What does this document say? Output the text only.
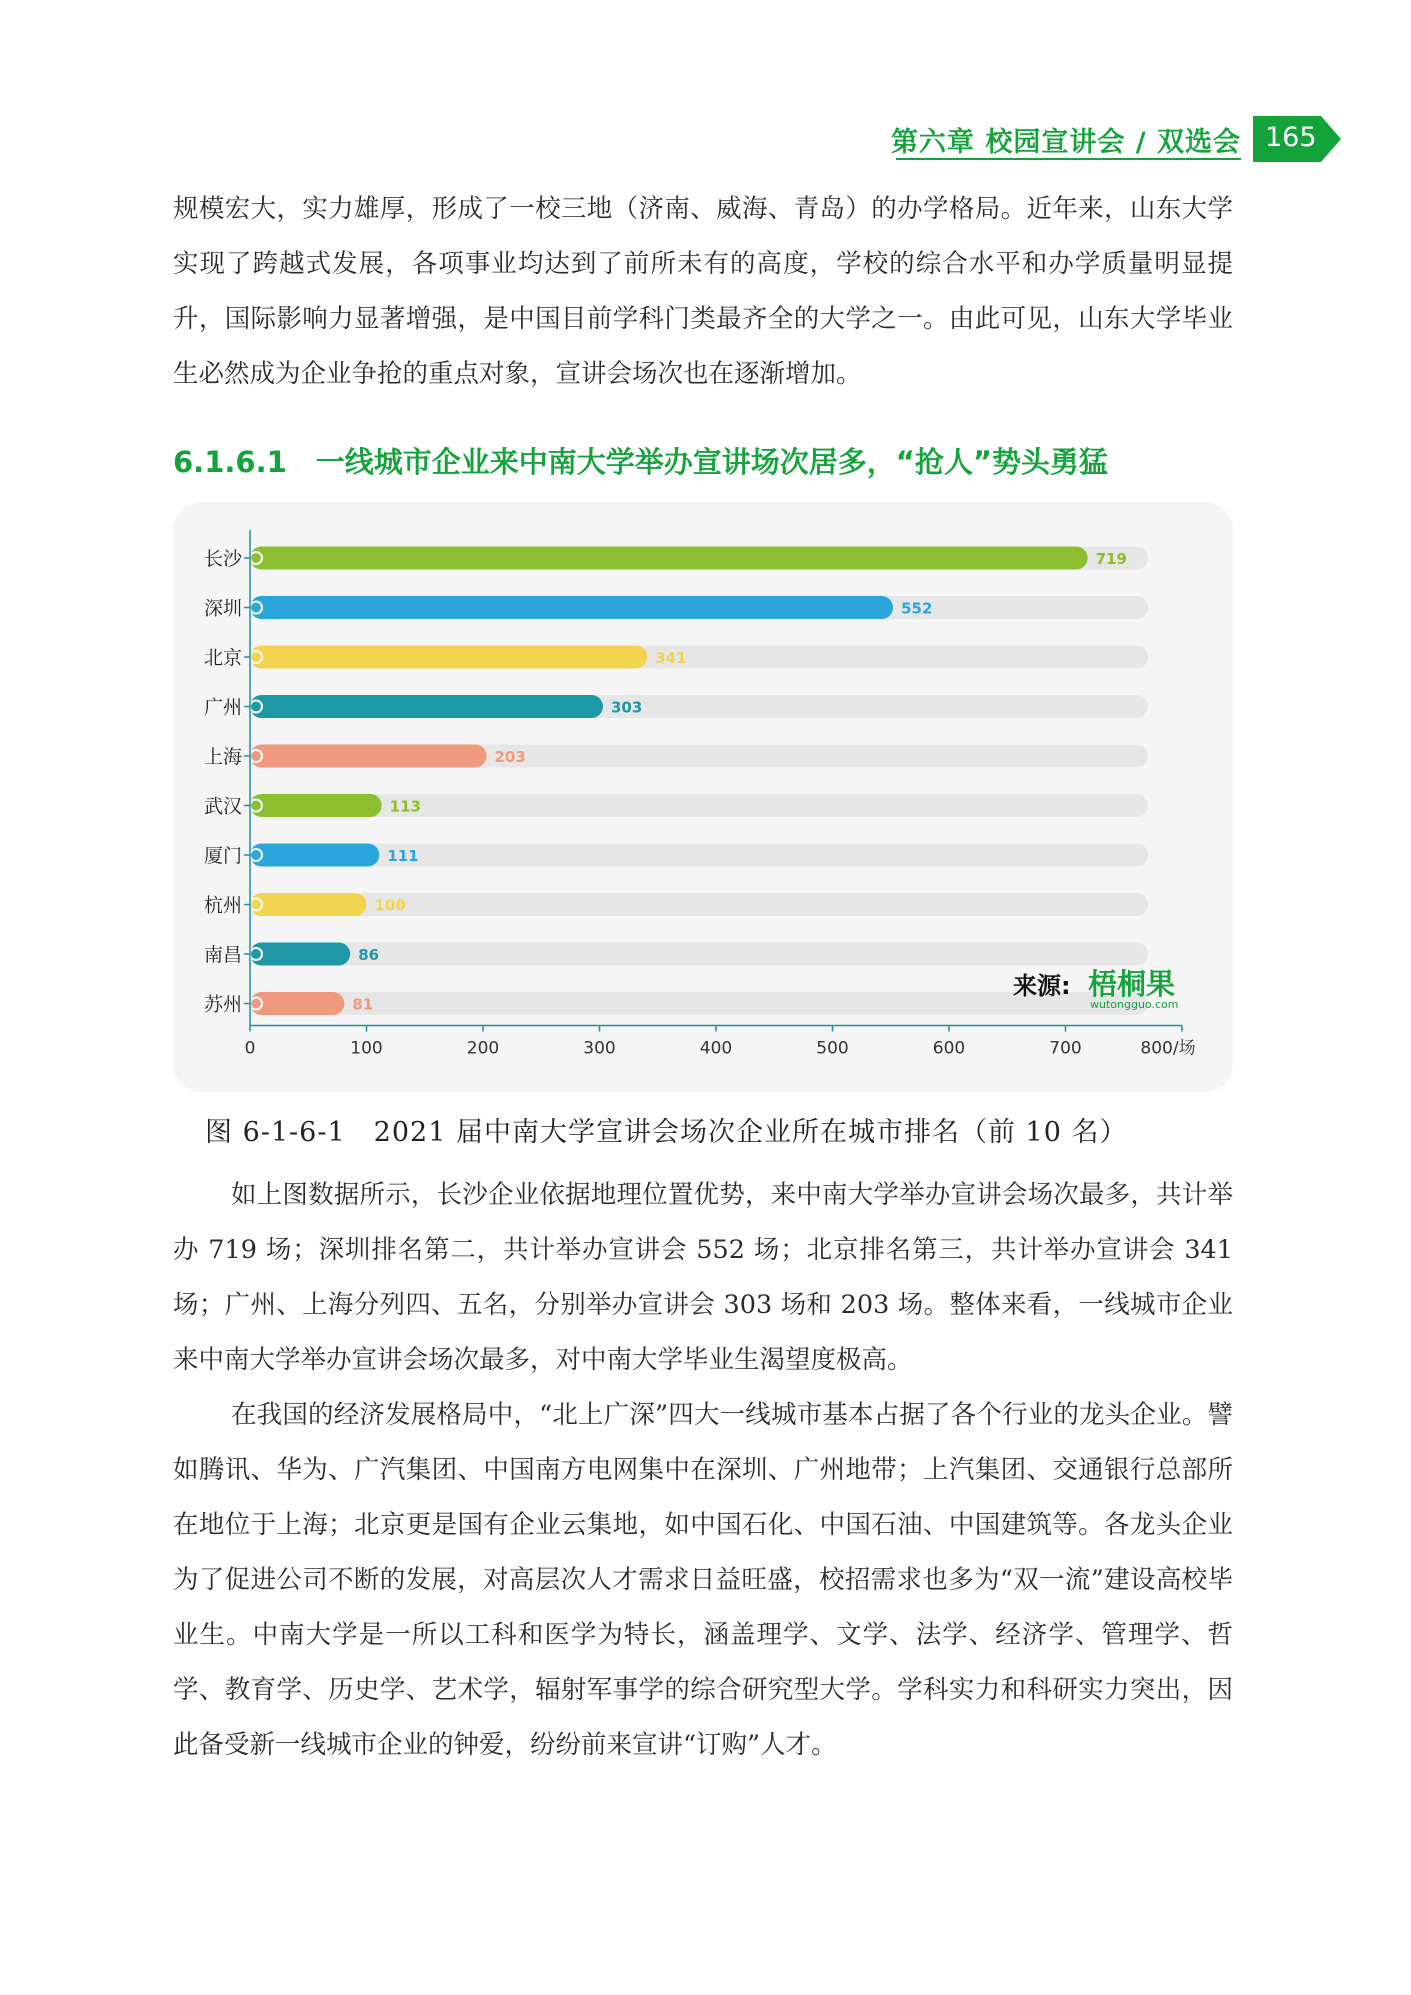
第六章 校园宣讲会 / 双选会 165

规模宏大，实力雄厚，形成了一校三地（济南、威海、青岛）的办学格局。近年来，山东大学实现了跨越式发展，各项事业均达到了前所未有的高度，学校的综合水平和办学质量明显提升，国际影响力显著增强，是中国目前学科门类最齐全的大学之一。由此可见，山东大学毕业生必然成为企业争抢的重点对象，宣讲会场次也在逐渐增加。

6.1.6.1　一线城市企业来中南大学举办宣讲场次居多，“抢人”势头勇猛
719
552
341
303
203
113
111
100
86
81
长沙
深圳
北京
广州
上海
武汉
厦门
杭州
南昌
苏州
0	100	200	300	400	500	600	700	800/场
来源: 梧桐果
wutongguo.com
图 6-1-6-1　2021 届中南大学宣讲会场次企业所在城市排名（前 10 名）

如上图数据所示，长沙企业依据地理位置优势，来中南大学举办宣讲会场次最多，共计举办 719 场；深圳排名第二，共计举办宣讲会 552 场；北京排名第三，共计举办宣讲会 341 场；广州、上海分列四、五名，分别举办宣讲会 303 场和 203 场。整体来看，一线城市企业来中南大学举办宣讲会场次最多，对中南大学毕业生渴望度极高。

在我国的经济发展格局中，“北上广深”四大一线城市基本占据了各个行业的龙头企业。譬如腾讯、华为、广汽集团、中国南方电网集中在深圳、广州地带；上汽集团、交通银行总部所在地位于上海；北京更是国有企业云集地，如中国石化、中国石油、中国建筑等。各龙头企业为了促进公司不断的发展，对高层次人才需求日益旺盛，校招需求也多为“双一流”建设高校毕业生。中南大学是一所以工科和医学为特长，涵盖理学、文学、法学、经济学、管理学、哲学、教育学、历史学、艺术学，辐射军事学的综合研究型大学。学科实力和科研实力突出，因此备受新一线城市企业的钟爱，纷纷前来宣讲“订购”人才。
